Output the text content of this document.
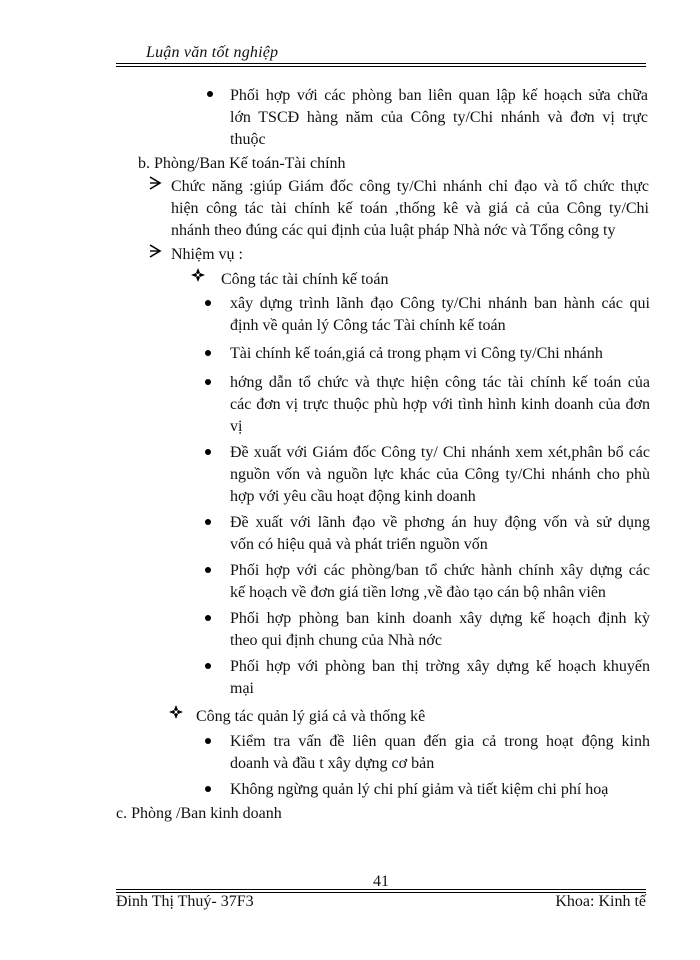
Luận văn tốt nghiệp
Phối hợp với các phòng ban liên quan lập kế hoạch sửa chữa
lớn TSCĐ hàng năm của Công ty/Chi nhánh và đơn vị trực
thuộc
b. Phòng/Ban Kế toán-Tài chính
Chức năng :giúp Giám đốc công ty/Chi nhánh chỉ đạo và tổ chức thực
hiện công tác tài chính kế toán ,thống kê và giá cả của Công ty/Chi
nhánh theo đúng các qui định của luật pháp Nhà nớc và Tổng công ty
Nhiệm vụ :
Công tác tài chính kế toán
xây dựng trình lãnh đạo Công ty/Chi nhánh ban hành các qui
định về quản lý Công tác Tài chính kế toán
Tài chính kế toán,giá cả trong phạm vi Công ty/Chi nhánh
hớng dẫn tổ chức và thực hiện công tác tài chính kế toán của
các đơn vị trực thuộc phù hợp với tình hình kinh doanh của đơn
vị
Đề xuất với Giám đốc Công ty/ Chi nhánh xem xét,phân bổ các
nguồn vốn và nguồn lực khác của Công ty/Chi nhánh cho phù
hợp với yêu cầu hoạt động kinh doanh
Đề xuất với lãnh đạo về phơng án huy động vốn và sử dụng
vốn có hiệu quả và phát triển nguồn vốn
Phối hợp với các phòng/ban tổ chức hành chính xây dựng các
kế hoạch về đơn giá tiền lơng ,về đào tạo cán bộ nhân viên
Phối hợp phòng ban kinh doanh xây dựng kế hoạch định kỳ
theo qui định chung của Nhà nớc
Phối hợp với phòng ban thị trờng xây dựng kế hoạch khuyến
mại
Công tác quản lý giá cả và thống kê
Kiểm tra vấn đề liên quan đến gia cả trong hoạt động kinh
doanh và đầu t xây dựng cơ bản
Không ngừng quản lý chi phí giảm và tiết kiệm chi phí hoạ
c. Phòng /Ban kinh doanh
41
Đinh Thị Thuý- 37F3	Khoa: Kinh tế
